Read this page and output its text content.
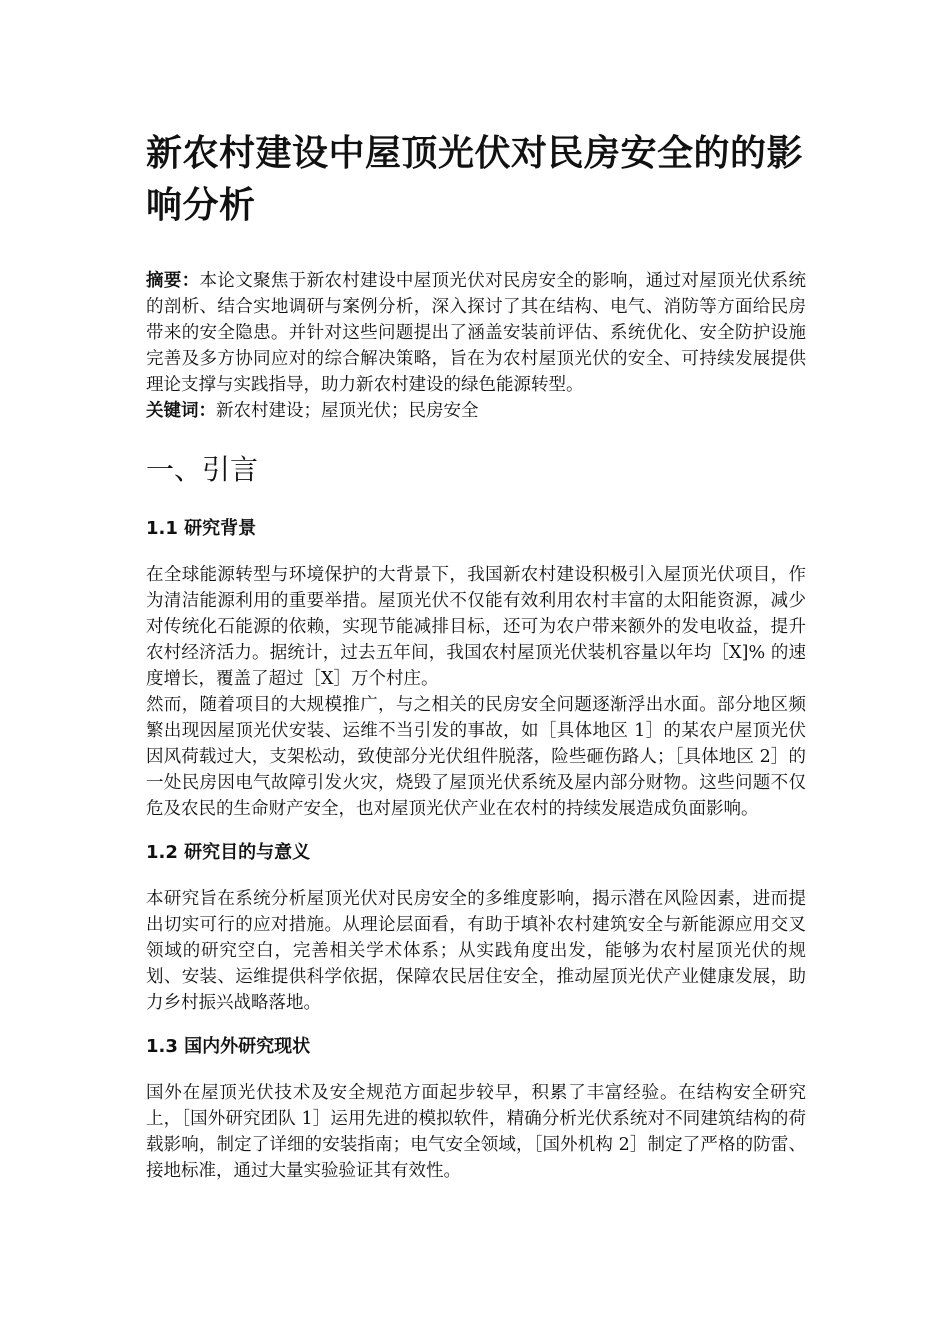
新农村建设中屋顶光伏对民房安全的的影响分析

摘要：本论文聚焦于新农村建设中屋顶光伏对民房安全的影响，通过对屋顶光伏系统的剖析、结合实地调研与案例分析，深入探讨了其在结构、电气、消防等方面给民房带来的安全隐患。并针对这些问题提出了涵盖安装前评估、系统优化、安全防护设施完善及多方协同应对的综合解决策略，旨在为农村屋顶光伏的安全、可持续发展提供理论支撑与实践指导，助力新农村建设的绿色能源转型。

关键词：新农村建设；屋顶光伏；民房安全

一、引言
1.1 研究背景

在全球能源转型与环境保护的大背景下，我国新农村建设积极引入屋顶光伏项目，作为清洁能源利用的重要举措。屋顶光伏不仅能有效利用农村丰富的太阳能资源，减少对传统化石能源的依赖，实现节能减排目标，还可为农户带来额外的发电收益，提升农村经济活力。据统计，过去五年间，我国农村屋顶光伏装机容量以年均［X]% 的速度增长，覆盖了超过［X］万个村庄。

然而，随着项目的大规模推广，与之相关的民房安全问题逐渐浮出水面。部分地区频繁出现因屋顶光伏安装、运维不当引发的事故，如［具体地区 1］的某农户屋顶光伏因风荷载过大，支架松动，致使部分光伏组件脱落，险些砸伤路人；［具体地区 2］的一处民房因电气故障引发火灾，烧毁了屋顶光伏系统及屋内部分财物。这些问题不仅危及农民的生命财产安全，也对屋顶光伏产业在农村的持续发展造成负面影响。

1.2 研究目的与意义

本研究旨在系统分析屋顶光伏对民房安全的多维度影响，揭示潜在风险因素，进而提出切实可行的应对措施。从理论层面看，有助于填补农村建筑安全与新能源应用交叉领域的研究空白，完善相关学术体系；从实践角度出发，能够为农村屋顶光伏的规划、安装、运维提供科学依据，保障农民居住安全，推动屋顶光伏产业健康发展，助力乡村振兴战略落地。

1.3 国内外研究现状

国外在屋顶光伏技术及安全规范方面起步较早，积累了丰富经验。在结构安全研究上，［国外研究团队 1］运用先进的模拟软件，精确分析光伏系统对不同建筑结构的荷载影响，制定了详细的安装指南；电气安全领域，［国外机构 2］制定了严格的防雷、接地标准，通过大量实验验证其有效性。
